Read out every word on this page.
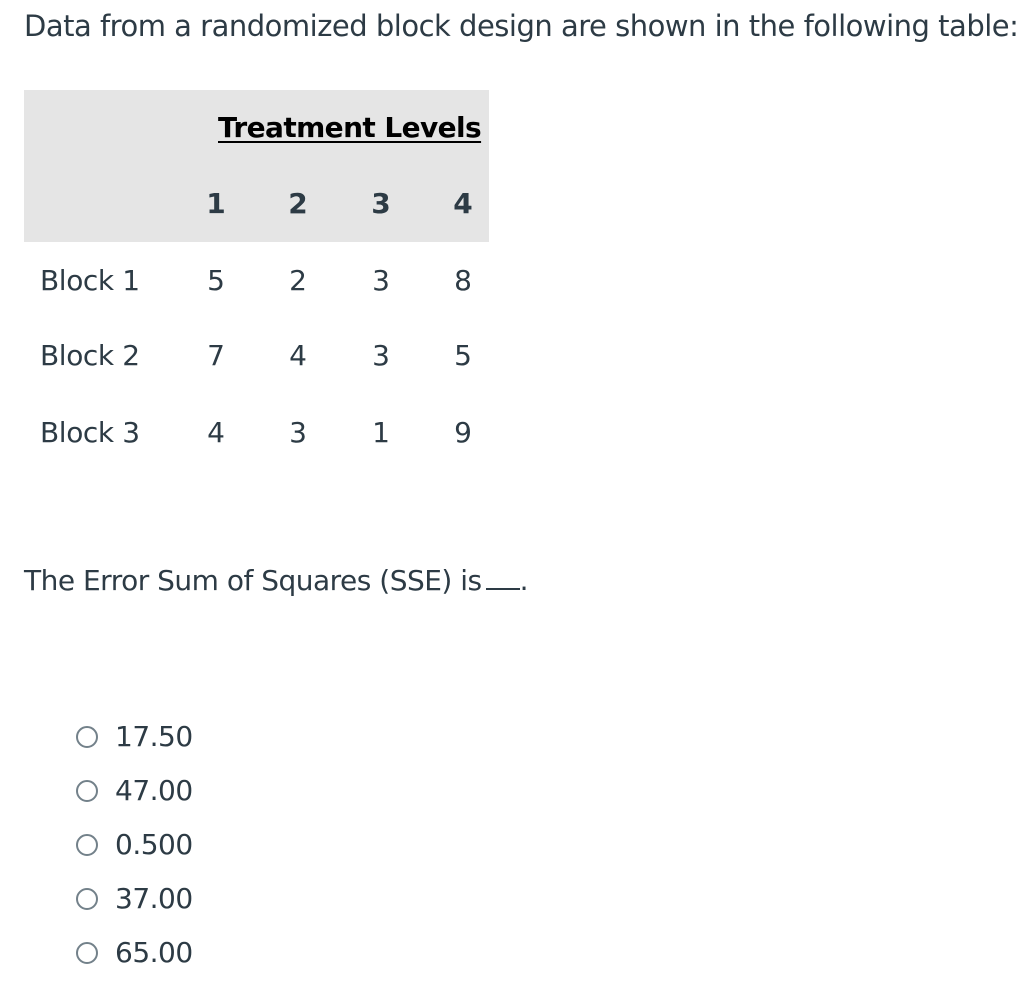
Data from a randomized block design are shown in the following table:
Treatment Levels
1	2	3	4
Block 1	5	2	3	8
Block 2	7	4	3	5
Block 3	4	3	1	9
The Error Sum of Squares (SSE) is .
17.50
47.00
0.500
37.00
65.00
